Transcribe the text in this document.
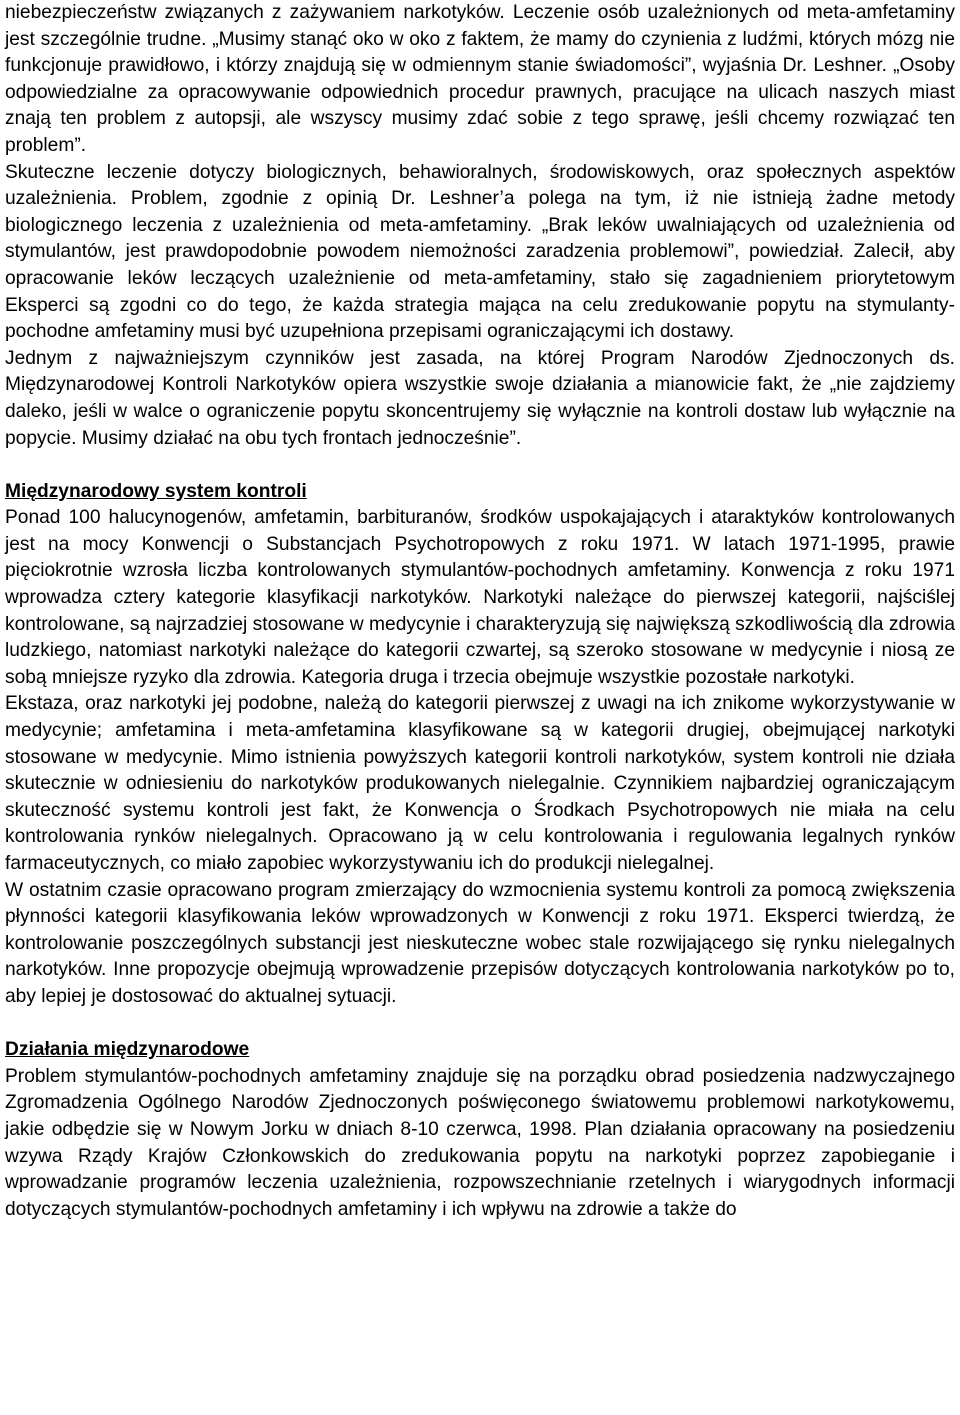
niebezpieczeństw związanych z zażywaniem narkotyków. Leczenie osób uzależnionych od meta-amfetaminy jest szczególnie trudne. „Musimy stanąć oko w oko z faktem, że mamy do czynienia z ludźmi, których mózg nie funkcjonuje prawidłowo, i którzy znajdują się w odmiennym stanie świadomości”, wyjaśnia Dr. Leshner. „Osoby odpowiedzialne za opracowywanie odpowiednich procedur prawnych, pracujące na ulicach naszych miast znają ten problem z autopsji, ale wszyscy musimy zdać sobie z tego sprawę, jeśli chcemy rozwiązać ten problem”.

Skuteczne leczenie dotyczy biologicznych, behawioralnych, środowiskowych, oraz społecznych aspektów uzależnienia. Problem, zgodnie z opinią Dr. Leshner’a polega na tym, iż nie istnieją żadne metody biologicznego leczenia z uzależnienia od meta-amfetaminy. „Brak leków uwalniających od uzależnienia od stymulantów, jest prawdopodobnie powodem niemożności zaradzenia problemowi”, powiedział. Zalecił, aby opracowanie leków leczących uzależnienie od meta-amfetaminy, stało się zagadnieniem priorytetowym Eksperci są zgodni co do tego, że każda strategia mająca na celu zredukowanie popytu na stymulanty-pochodne amfetaminy musi być uzupełniona przepisami ograniczającymi ich dostawy.

Jednym z najważniejszym czynników jest zasada, na której Program Narodów Zjednoczonych ds. Międzynarodowej Kontroli Narkotyków opiera wszystkie swoje działania a mianowicie fakt, że „nie zajdziemy daleko, jeśli w walce o ograniczenie popytu skoncentrujemy się wyłącznie na kontroli dostaw lub wyłącznie na popycie. Musimy działać na obu tych frontach jednocześnie”.

Międzynarodowy system kontroli

Ponad 100 halucynogenów, amfetamin, barbituranów, środków uspokajających i ataraktyków kontrolowanych jest na mocy Konwencji o Substancjach Psychotropowych z roku 1971. W latach 1971-1995, prawie pięciokrotnie wzrosła liczba kontrolowanych stymulantów-pochodnych amfetaminy. Konwencja z roku 1971 wprowadza cztery kategorie klasyfikacji narkotyków. Narkotyki należące do pierwszej kategorii, najściślej kontrolowane, są najrzadziej stosowane w medycynie i charakteryzują się największą szkodliwością dla zdrowia ludzkiego, natomiast narkotyki należące do kategorii czwartej, są szeroko stosowane w medycynie i niosą ze sobą mniejsze ryzyko dla zdrowia. Kategoria druga i trzecia obejmuje wszystkie pozostałe narkotyki.

Ekstaza, oraz narkotyki jej podobne, należą do kategorii pierwszej z uwagi na ich znikome wykorzystywanie w medycynie; amfetamina i meta-amfetamina klasyfikowane są w kategorii drugiej, obejmującej narkotyki stosowane w medycynie. Mimo istnienia powyższych kategorii kontroli narkotyków, system kontroli nie działa skutecznie w odniesieniu do narkotyków produkowanych nielegalnie. Czynnikiem najbardziej ograniczającym skuteczność systemu kontroli jest fakt, że Konwencja o Środkach Psychotropowych nie miała na celu kontrolowania rynków nielegalnych. Opracowano ją w celu kontrolowania i regulowania legalnych rynków farmaceutycznych, co miało zapobiec wykorzystywaniu ich do produkcji nielegalnej.

W ostatnim czasie opracowano program zmierzający do wzmocnienia systemu kontroli za pomocą zwiększenia płynności kategorii klasyfikowania leków wprowadzonych w Konwencji z roku 1971. Eksperci twierdzą, że kontrolowanie poszczególnych substancji jest nieskuteczne wobec stale rozwijającego się rynku nielegalnych narkotyków. Inne propozycje obejmują wprowadzenie przepisów dotyczących kontrolowania narkotyków po to, aby lepiej je dostosować do aktualnej sytuacji.

Działania międzynarodowe

Problem stymulantów-pochodnych amfetaminy znajduje się na porządku obrad posiedzenia nadzwyczajnego Zgromadzenia Ogólnego Narodów Zjednoczonych poświęconego światowemu problemowi narkotykowemu, jakie odbędzie się w Nowym Jorku w dniach 8-10 czerwca, 1998. Plan działania opracowany na posiedzeniu wzywa Rządy Krajów Członkowskich do zredukowania popytu na narkotyki poprzez zapobieganie i wprowadzanie programów leczenia uzależnienia, rozpowszechnianie rzetelnych i wiarygodnych informacji dotyczących stymulantów-pochodnych amfetaminy i ich wpływu na zdrowie a także do
